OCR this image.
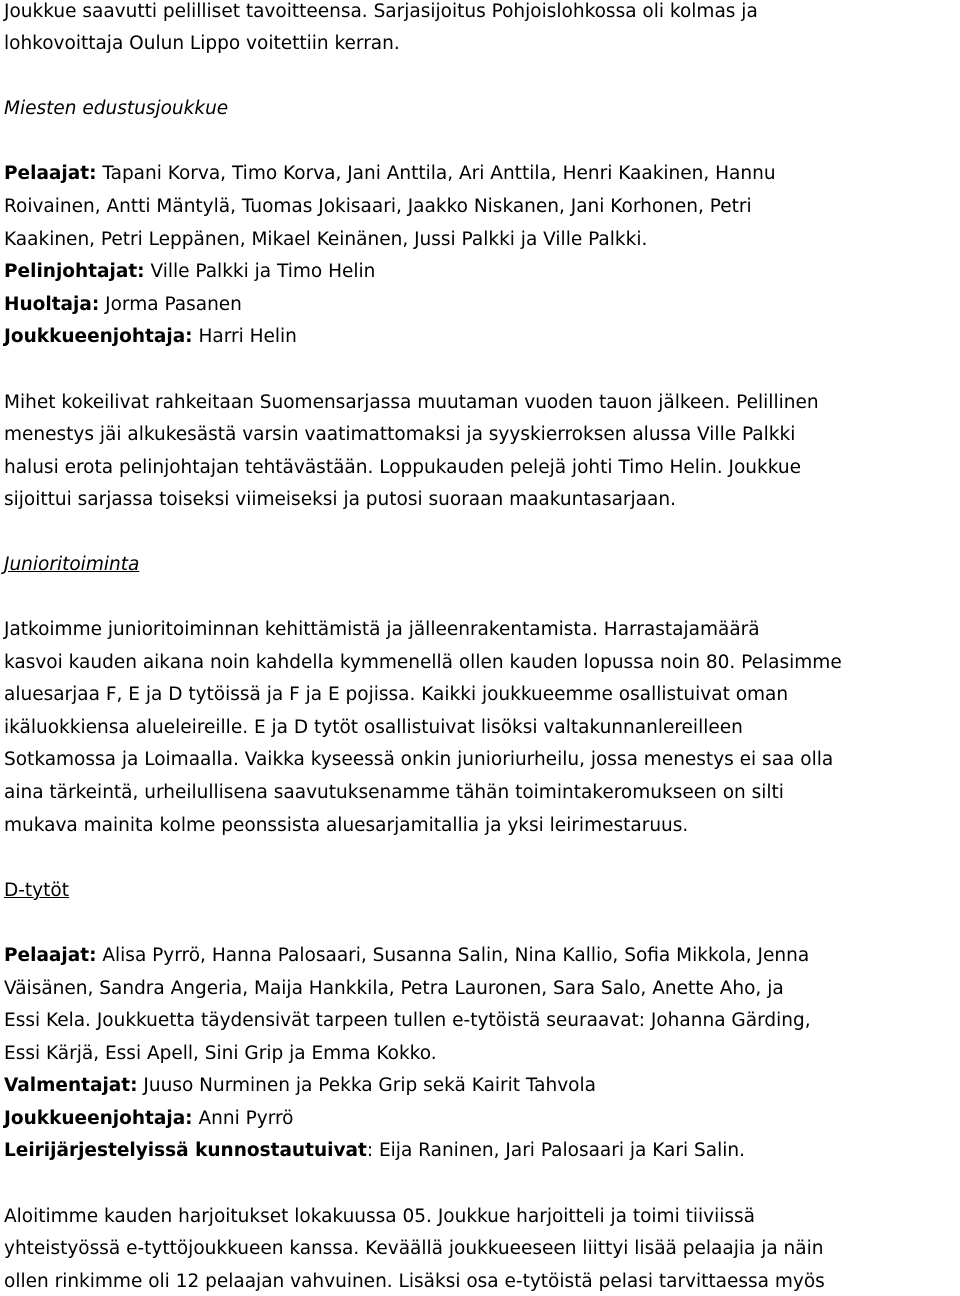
Joukkue saavutti pelilliset tavoitteensa. Sarjasijoitus Pohjoislohkossa oli kolmas ja
lohkovoittaja Oulun Lippo voitettiin kerran.
Miesten edustusjoukkue
Pelaajat: Tapani Korva, Timo Korva, Jani Anttila, Ari Anttila, Henri Kaakinen, Hannu
Roivainen, Antti Mäntylä, Tuomas Jokisaari, Jaakko Niskanen, Jani Korhonen, Petri
Kaakinen, Petri Leppänen, Mikael Keinänen, Jussi Palkki ja Ville Palkki.
Pelinjohtajat: Ville Palkki ja Timo Helin
Huoltaja: Jorma Pasanen
Joukkueenjohtaja: Harri Helin
Mihet kokeilivat rahkeitaan Suomensarjassa muutaman vuoden tauon jälkeen. Pelillinen
menestys jäi alkukesästä varsin vaatimattomaksi ja syyskierroksen alussa Ville Palkki
halusi erota pelinjohtajan tehtävästään. Loppukauden pelejä johti Timo Helin. Joukkue
sijoittui sarjassa toiseksi viimeiseksi ja putosi suoraan maakuntasarjaan.
Junioritoiminta
Jatkoimme junioritoiminnan kehittämistä ja jälleenrakentamista. Harrastajamäärä
kasvoi kauden aikana noin kahdella kymmenellä ollen kauden lopussa noin 80. Pelasimme
aluesarjaa F, E ja D tytöissä ja F ja E pojissa. Kaikki joukkueemme osallistuivat oman
ikäluokkiensa alueleireille. E ja D tytöt osallistuivat lisöksi valtakunnanlereilleen
Sotkamossa ja Loimaalla. Vaikka kyseessä onkin junioriurheilu, jossa menestys ei saa olla
aina tärkeintä, urheilullisena saavutuksenamme tähän toimintakeromukseen on silti
mukava mainita kolme peonssista aluesarjamitallia ja yksi leirimestaruus.
D-tytöt
Pelaajat: Alisa Pyrrö, Hanna Palosaari, Susanna Salin, Nina Kallio, Sofia Mikkola, Jenna
Väisänen, Sandra Angeria, Maija Hankkila, Petra Lauronen, Sara Salo, Anette Aho, ja
Essi Kela. Joukkuetta täydensivät tarpeen tullen e-tytöistä seuraavat: Johanna Gärding,
Essi Kärjä, Essi Apell, Sini Grip ja Emma Kokko.
Valmentajat: Juuso Nurminen ja Pekka Grip sekä Kairit Tahvola
Joukkueenjohtaja: Anni Pyrrö
Leirijärjestelyissä kunnostautuivat: Eija Raninen, Jari Palosaari ja Kari Salin.
Aloitimme kauden harjoitukset lokakuussa 05. Joukkue harjoitteli ja toimi tiiviissä
yhteistyössä e-tyttöjoukkueen kanssa. Keväällä joukkueeseen liittyi lisää pelaajia ja näin
ollen rinkimme oli 12 pelaajan vahvuinen. Lisäksi osa e-tytöistä pelasi tarvittaessa myös
